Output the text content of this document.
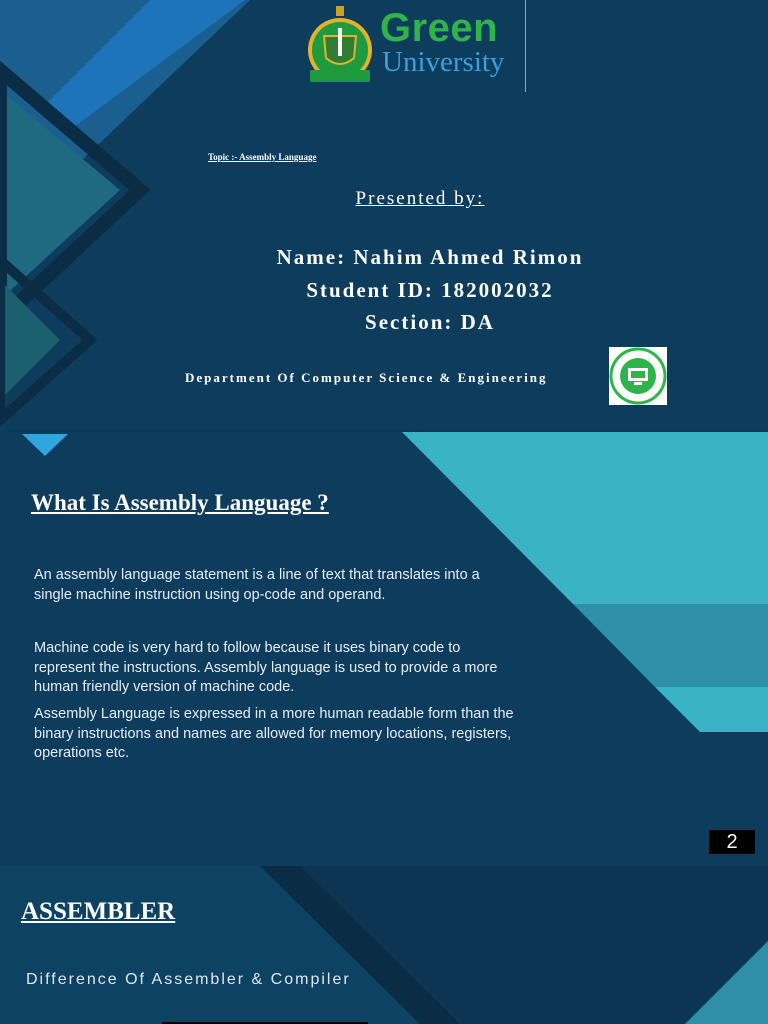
Green
University
Topic :- Assembly Language
Presented by:
Name: Nahim Ahmed Rimon
Student ID: 182002032
Section: DA
Department Of Computer Science & Engineering
What Is Assembly Language ?
An assembly language statement is a line of text that translates into a single machine instruction using op-code and operand.
Machine code is very hard to follow because it uses binary code to represent the instructions. Assembly language is used to provide a more human friendly version of machine code.
Assembly Language is expressed in a more human readable form than the binary instructions and names are allowed for memory locations, registers, operations etc.
2
ASSEMBLER
Difference Of Assembler & Compiler
